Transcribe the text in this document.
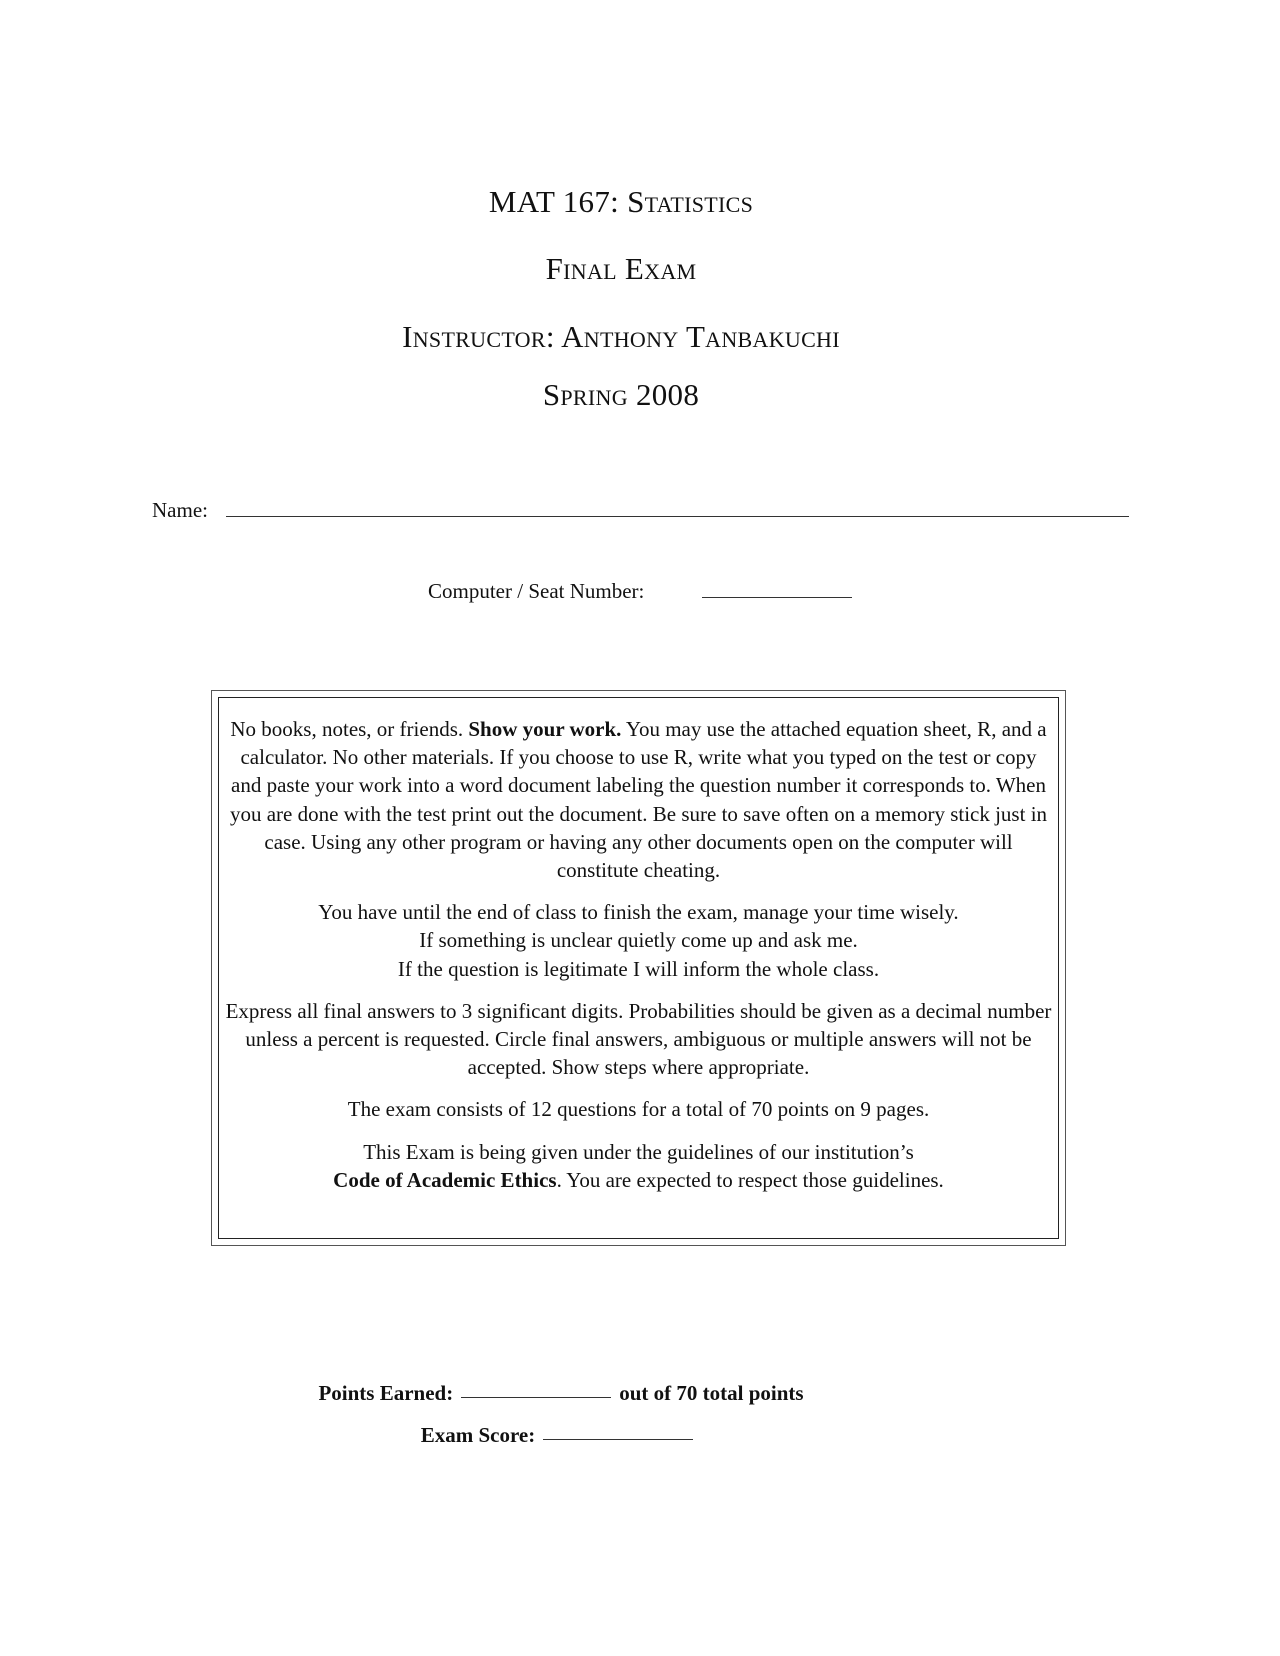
MAT 167: Statistics
Final Exam
Instructor: Anthony Tanbakuchi
Spring 2008
Name:
Computer / Seat Number:

No books, notes, or friends. Show your work. You may use the attached equation sheet, R, and a calculator. No other materials. If you choose to use R, write what you typed on the test or copy and paste your work into a word document labeling the question number it corresponds to. When you are done with the test print out the document. Be sure to save often on a memory stick just in case. Using any other program or having any other documents open on the computer will constitute cheating.

You have until the end of class to finish the exam, manage your time wisely.
If something is unclear quietly come up and ask me.
If the question is legitimate I will inform the whole class.

Express all final answers to 3 significant digits. Probabilities should be given as a decimal number unless a percent is requested. Circle final answers, ambiguous or multiple answers will not be accepted. Show steps where appropriate.

The exam consists of 12 questions for a total of 70 points on 9 pages.

This Exam is being given under the guidelines of our institution’s
Code of Academic Ethics. You are expected to respect those guidelines.

Points Earned:	out of 70 total points
Exam Score:
